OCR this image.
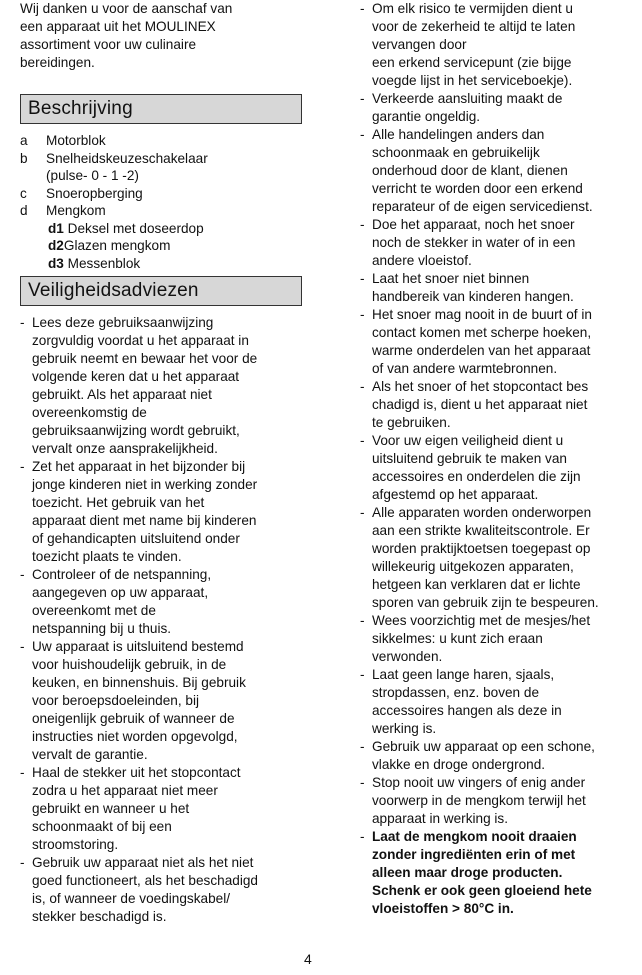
Wij danken u voor de aanschaf van
een apparaat uit het MOULINEX
assortiment voor uw culinaire
bereidingen.

Beschrijving
a	Motorblok
b	Snelheidskeuzeschakelaar
(pulse- 0 - 1 -2)
c	Snoeropberging
d	Mengkom
d1 Deksel met doseerdop
d2Glazen mengkom
d3 Messenblok
Veiligheidsadviezen
- Lees deze gebruiksaanwijzing
zorgvuldig voordat u het apparaat in
gebruik neemt en bewaar het voor de
volgende keren dat u het apparaat
gebruikt. Als het apparaat niet
overeenkomstig de
gebruiksaanwijzing wordt gebruikt,
vervalt onze aansprakelijkheid.
- Zet het apparaat in het bijzonder bij
jonge kinderen niet in werking zonder
toezicht. Het gebruik van het
apparaat dient met name bij kinderen
of gehandicapten uitsluitend onder
toezicht plaats te vinden.
- Controleer of de netspanning,
aangegeven op uw apparaat,
overeenkomt met de
netspanning bij u thuis.
- Uw apparaat is uitsluitend bestemd
voor huishoudelijk gebruik, in de
keuken, en binnenshuis. Bij gebruik
voor beroepsdoeleinden, bij
oneigenlijk gebruik of wanneer de
instructies niet worden opgevolgd,
vervalt de garantie.
- Haal de stekker uit het stopcontact
zodra u het apparaat niet meer
gebruikt en wanneer u het
schoonmaakt of bij een
stroomstoring.
- Gebruik uw apparaat niet als het niet
goed functioneert, als het beschadigd
is, of wanneer de voedingskabel/
stekker beschadigd is.
- Om elk risico te vermijden dient u
voor de zekerheid te altijd te laten vervangen door
een erkend servicepunt (zie bijge
voegde lijst in het serviceboekje).
- Verkeerde aansluiting maakt de
garantie ongeldig.
- Alle handelingen anders dan
schoonmaak en gebruikelijk
onderhoud door de klant, dienen
verricht te worden door een erkend
reparateur of de eigen servicedienst.
- Doe het apparaat, noch het snoer
noch de stekker in water of in een
andere vloeistof.
- Laat het snoer niet binnen
handbereik van kinderen hangen.
- Het snoer mag nooit in de buurt of in
contact komen met scherpe hoeken,
warme onderdelen van het apparaat
of van andere warmtebronnen.
- Als het snoer of het stopcontact bes
chadigd is, dient u het apparaat niet
te gebruiken.
- Voor uw eigen veiligheid dient u
uitsluitend gebruik te maken van
accessoires en onderdelen die zijn
afgestemd op het apparaat.
- Alle apparaten worden onderworpen
aan een strikte kwaliteitscontrole. Er
worden praktijktoetsen toegepast op
willekeurig uitgekozen apparaten,
hetgeen kan verklaren dat er lichte
sporen van gebruik zijn te bespeuren.
- Wees voorzichtig met de mesjes/het
sikkelmes: u kunt zich eraan
verwonden.
- Laat geen lange haren, sjaals,
stropdassen, enz. boven de
accessoires hangen als deze in
werking is.
- Gebruik uw apparaat op een schone,
vlakke en droge ondergrond.
- Stop nooit uw vingers of enig ander
voorwerp in de mengkom terwijl het
apparaat in werking is.
- Laat de mengkom nooit draaien
zonder ingrediënten erin of met
alleen maar droge producten.
Schenk er ook geen gloeiend hete
vloeistoffen > 80°C in.
4
